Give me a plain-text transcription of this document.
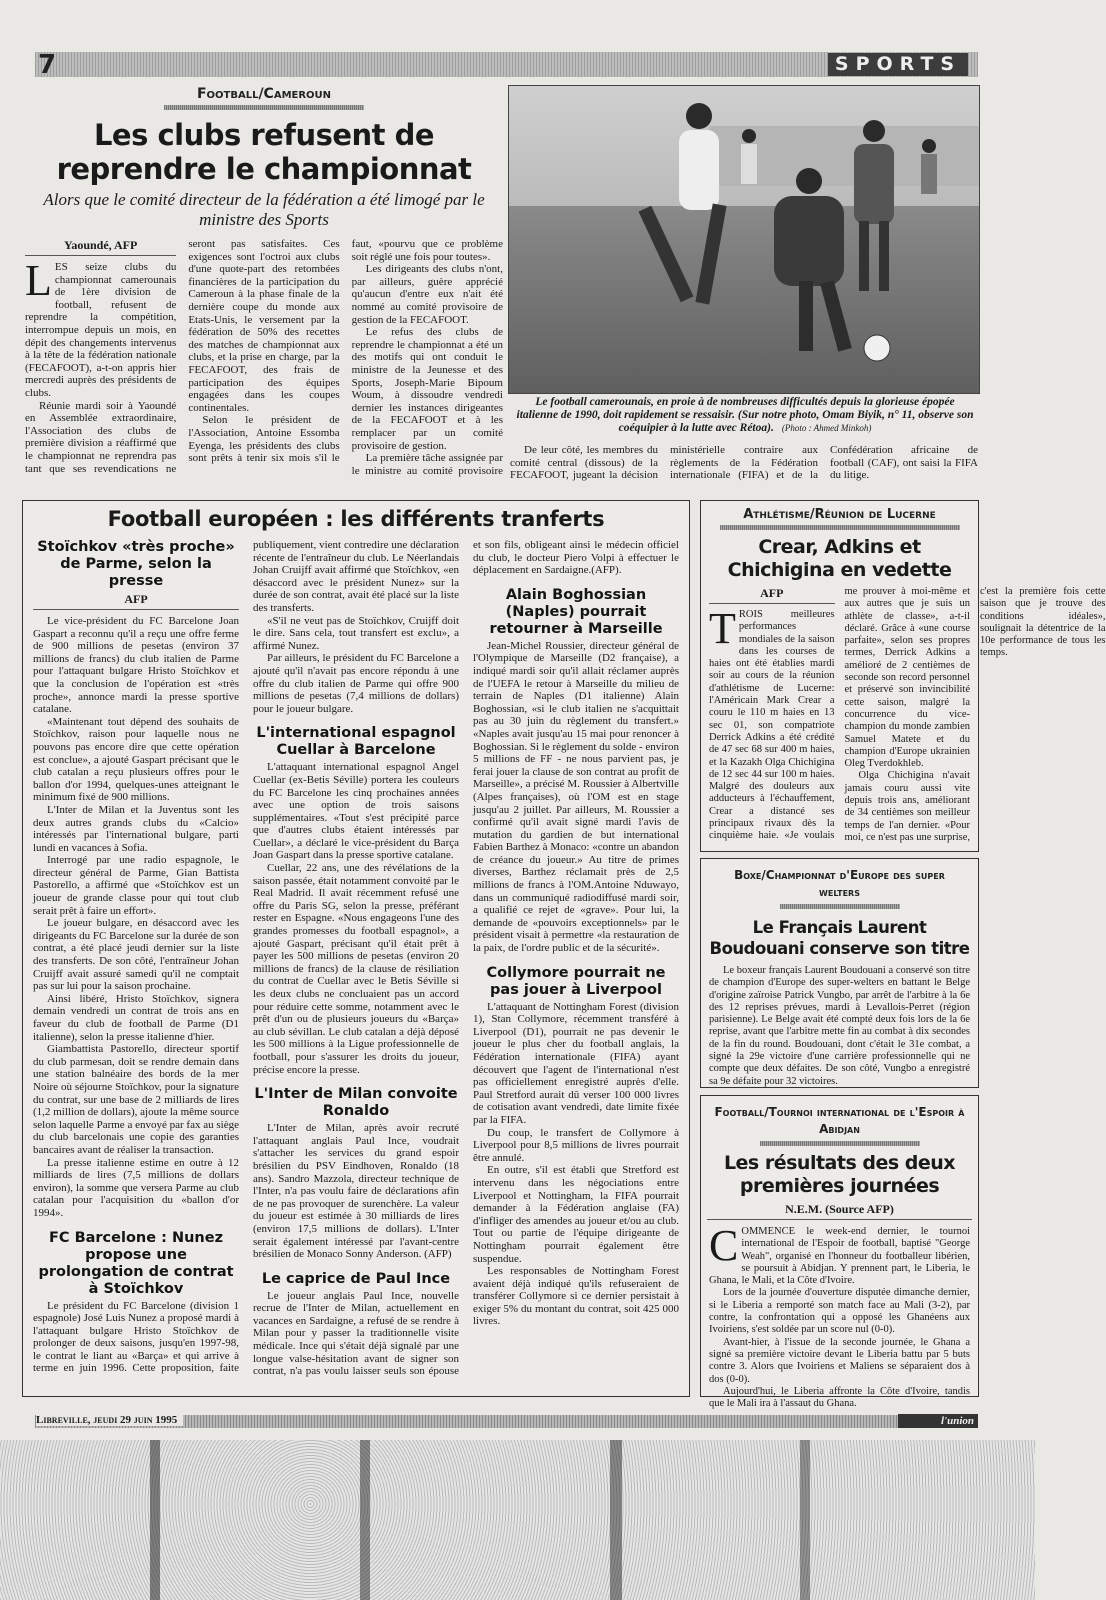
7	SPORTS
Football/Cameroun
Les clubs refusent de reprendre le championnat
Alors que le comité directeur de la fédération a été limogé par le ministre des Sports
Yaoundé, AFP

LES seize clubs du championnat camerounais de 1ère division de football, refusent de reprendre la compétition, interrompue depuis un mois, en dépit des changements intervenus à la tête de la fédération nationale (FECAFOOT), a-t-on appris hier mercredi auprès des présidents de clubs.

Réunie mardi soir à Yaoundé en Assemblée extraordinaire, l'Association des clubs de première division a réaffirmé que le championnat ne reprendra pas tant que ses revendications ne seront pas satisfaites. Ces exigences sont l'octroi aux clubs d'une quote-part des retombées financières de la participation du Cameroun à la phase finale de la dernière coupe du monde aux Etats-Unis, le versement par la fédération de 50% des recettes des matches de championnat aux clubs, et la prise en charge, par la FECAFOOT, des frais de participation des équipes engagées dans les coupes continentales.

Selon le président de l'Association, Antoine Essomba Eyenga, les présidents des clubs sont prêts à tenir six mois s'il le faut, «pourvu que ce problème soit réglé une fois pour toutes».

Les dirigeants des clubs n'ont, par ailleurs, guère apprécié qu'aucun d'entre eux n'ait été nommé au comité provisoire de gestion de la FECAFOOT.

Le refus des clubs de reprendre le championnat a été un des motifs qui ont conduit le ministre de la Jeunesse et des Sports, Joseph-Marie Bipoum Woum, à dissoudre vendredi dernier les instances dirigeantes de la FECAFOOT et à les remplacer par un comité provisoire de gestion.

La première tâche assignée par le ministre au comité provisoire

Le football camerounais, en proie à de nombreuses difficultés depuis la glorieuse épopée italienne de 1990, doit rapidement se ressaisir. (Sur notre photo, Omam Biyik, n° 11, observe son coéquipier à la lutte avec Rétoa). (Photo : Ahmed Minkoh)

De leur côté, les membres du comité central (dissous) de la FECAFOOT, jugeant la décision ministérielle contraire aux règlements de la Fédération internationale (FIFA) et de la Confédération africaine de football (CAF), ont saisi la FIFA du litige.

Football européen : les différents tranferts
Stoïchkov «très proche» de Parme, selon la presse
AFP

Le vice-président du FC Barcelone Joan Gaspart a reconnu qu'il a reçu une offre ferme de 900 millions de pesetas (environ 37 millions de francs) du club italien de Parme pour l'attaquant bulgare Hristo Stoïchkov et que la conclusion de l'opération est «très proche», annonce mardi la presse sportive catalane.

«Maintenant tout dépend des souhaits de Stoïchkov, raison pour laquelle nous ne pouvons pas encore dire que cette opération est conclue», a ajouté Gaspart précisant que le club catalan a reçu plusieurs offres pour le ballon d'or 1994, quelques-unes atteignant le minimum fixé de 900 millions.

L'Inter de Milan et la Juventus sont les deux autres grands clubs du «Calcio» intéressés par l'international bulgare, parti lundi en vacances à Sofia.

Interrogé par une radio espagnole, le directeur général de Parme, Gian Battista Pastorello, a affirmé que «Stoïchkov est un joueur de grande classe pour qui tout club serait prêt à faire un effort».

Le joueur bulgare, en désaccord avec les dirigeants du FC Barcelone sur la durée de son contrat, a été placé jeudi dernier sur la liste des transferts. De son côté, l'entraîneur Johan Cruijff avait assuré samedi qu'il ne comptait pas sur lui pour la saison prochaine.

Ainsi libéré, Hristo Stoïchkov, signera demain vendredi un contrat de trois ans en faveur du club de football de Parme (D1 italienne), selon la presse italienne d'hier.

Giambattista Pastorello, directeur sportif du club parmesan, doit se rendre demain dans une station balnéaire des bords de la mer Noire où séjourne Stoïchkov, pour la signature du contrat, sur une base de 2 milliards de lires (1,2 million de dollars), ajoute la même source selon laquelle Parme a envoyé par fax au siège du club barcelonais une copie des garanties bancaires avant de réaliser la transaction.

La presse italienne estime en outre à 12 milliards de lires (7,5 millions de dollars environ), la somme que versera Parme au club catalan pour l'acquisition du «ballon d'or 1994».

FC Barcelone : Nunez propose une prolongation de contrat à Stoïchkov

Le président du FC Barcelone (division 1 espagnole) José Luis Nunez a proposé mardi à l'attaquant bulgare Hristo Stoïchkov de prolonger de deux saisons, jusqu'en 1997-98, le contrat le liant au «Barça» et qui arrive à terme en juin 1996. Cette proposition, faite publiquement, vient contredire une déclaration récente de l'entraîneur du club. Le Néerlandais Johan Cruijff avait affirmé que Stoïchkov, «en désaccord avec le président Nunez» sur la durée de son contrat, avait été placé sur la liste des transferts.

«S'il ne veut pas de Stoïchkov, Cruijff doit le dire. Sans cela, tout transfert est exclu», a affirmé Nunez.

Par ailleurs, le président du FC Barcelone a ajouté qu'il n'avait pas encore répondu à une offre du club italien de Parme qui offre 900 millions de pesetas (7,4 millions de dollars) pour le joueur bulgare.

L'international espagnol Cuellar à Barcelone

L'attaquant international espagnol Angel Cuellar (ex-Betis Séville) portera les couleurs du FC Barcelone les cinq prochaines années avec une option de trois saisons supplémentaires. «Tout s'est précipité parce que d'autres clubs étaient intéressés par Cuellar», a déclaré le vice-président du Barça Joan Gaspart dans la presse sportive catalane.

Cuellar, 22 ans, une des révélations de la saison passée, était notamment convoité par le Real Madrid. Il avait récemment refusé une offre du Paris SG, selon la presse, préférant rester en Espagne. «Nous engageons l'une des grandes promesses du football espagnol», a ajouté Gaspart, précisant qu'il était prêt à payer les 500 millions de pesetas (environ 20 millions de francs) de la clause de résiliation du contrat de Cuellar avec le Betis Séville si les deux clubs ne concluaient pas un accord pour réduire cette somme, notamment avec le prêt d'un ou de plusieurs joueurs du «Barça» au club sévillan. Le club catalan a déjà déposé les 500 millions à la Ligue professionnelle de football, pour s'assurer les droits du joueur, précise encore la presse.

L'Inter de Milan convoite Ronaldo

L'Inter de Milan, après avoir recruté l'attaquant anglais Paul Ince, voudrait s'attacher les services du grand espoir brésilien du PSV Eindhoven, Ronaldo (18 ans). Sandro Mazzola, directeur technique de l'Inter, n'a pas voulu faire de déclarations afin de ne pas provoquer de surenchère. La valeur du joueur est estimée à 30 milliards de lires (environ 17,5 millions de dollars). L'Inter serait également intéressé par l'avant-centre brésilien de Monaco Sonny Anderson. (AFP)

Le caprice de Paul Ince

Le joueur anglais Paul Ince, nouvelle recrue de l'Inter de Milan, actuellement en vacances en Sardaigne, a refusé de se rendre à Milan pour y passer la traditionnelle visite médicale. Ince qui s'était déjà signalé par une longue valse-hésitation avant de signer son contrat, n'a pas voulu laisser seuls son épouse et son fils, obligeant ainsi le médecin officiel du club, le docteur Piero Volpi à effectuer le déplacement en Sardaigne.(AFP).

Alain Boghossian (Naples) pourrait retourner à Marseille

Jean-Michel Roussier, directeur général de l'Olympique de Marseille (D2 française), a indiqué mardi soir qu'il allait réclamer auprès de l'UEFA le retour à Marseille du milieu de terrain de Naples (D1 italienne) Alain Boghossian, «si le club italien ne s'acquittait pas au 30 juin du règlement du transfert.» «Naples avait jusqu'au 15 mai pour renoncer à Boghossian. Si le règlement du solde - environ 5 millions de FF - ne nous parvient pas, je ferai jouer la clause de son contrat au profit de Marseille», a précisé M. Roussier à Albertville (Alpes françaises), où l'OM est en stage jusqu'au 2 juillet. Par ailleurs, M. Roussier a confirmé qu'il avait signé mardi l'avis de mutation du gardien de but international Fabien Barthez à Monaco: «contre un abandon de créance du joueur.» Au titre de primes diverses, Barthez réclamait près de 2,5 millions de francs à l'OM.Antoine Nduwayo, dans un communiqué radiodiffusé mardi soir, a qualifié ce rejet de «grave». Pour lui, la demande de «pouvoirs exceptionnels» par le président visait à permettre «la restauration de la paix, de l'ordre public et de la sécurité».

Collymore pourrait ne pas jouer à Liverpool

L'attaquant de Nottingham Forest (division 1), Stan Collymore, récemment transféré à Liverpool (D1), pourrait ne pas devenir le joueur le plus cher du football anglais, la Fédération internationale (FIFA) ayant découvert que l'agent de l'international n'est pas officiellement enregistré auprès d'elle. Paul Stretford aurait dû verser 100 000 livres de cotisation avant vendredi, date limite fixée par la FIFA.

Du coup, le transfert de Collymore à Liverpool pour 8,5 millions de livres pourrait être annulé.

En outre, s'il est établi que Stretford est intervenu dans les négociations entre Liverpool et Nottingham, la FIFA pourrait demander à la Fédération anglaise (FA) d'infliger des amendes au joueur et/ou au club. Tout ou partie de l'équipe dirigeante de Nottingham pourrait également être suspendue.

Les responsables de Nottingham Forest avaient déjà indiqué qu'ils refuseraient de transférer Collymore si ce dernier persistait à exiger 5% du montant du contrat, soit 425 000 livres.

Athlétisme/Réunion de Lucerne
Crear, Adkins et Chichigina en vedette
AFP

TROIS meilleures performances mondiales de la saison dans les courses de haies ont été établies mardi soir au cours de la réunion d'athlétisme de Lucerne: l'Américain Mark Crear a couru le 110 m haies en 13 sec 01, son compatriote Derrick Adkins a été crédité de 47 sec 68 sur 400 m haies, et la Kazakh Olga Chichigina de 12 sec 44 sur 100 m haies. Malgré des douleurs aux adducteurs à l'échauffement, Crear a distancé ses principaux rivaux dès la cinquième haie. «Je voulais me prouver à moi-même et aux autres que je suis un athlète de classe», a-t-il déclaré. Grâce à «une course parfaite», selon ses propres termes, Derrick Adkins a amélioré de 2 centièmes de seconde son record personnel et préservé son invincibilité cette saison, malgré la concurrence du vice-champion du monde zambien Samuel Matete et du champion d'Europe ukrainien Oleg Tverdokhleb.

Olga Chichigina n'avait jamais couru aussi vite depuis trois ans, améliorant de 34 centièmes son meilleur temps de l'an dernier. «Pour moi, ce n'est pas une surprise, c'est la première fois cette saison que je trouve des conditions idéales», soulignait la détentrice de la 10e performance de tous les temps.

Boxe/Championnat d'Europe des super welters
Le Français Laurent Boudouani conserve son titre

Le boxeur français Laurent Boudouani a conservé son titre de champion d'Europe des super-welters en battant le Belge d'origine zaïroise Patrick Vungbo, par arrêt de l'arbitre à la 6e des 12 reprises prévues, mardi à Levallois-Perret (région parisienne). Le Belge avait été compté deux fois lors de la 6e reprise, avant que l'arbitre mette fin au combat à dix secondes de la fin du round. Boudouani, dont c'était le 31e combat, a signé la 29e victoire d'une carrière professionnelle qui ne compte que deux défaites. De son côté, Vungbo a enregistré sa 9e défaite pour 32 victoires.

Football/Tournoi international de l'Espoir à Abidjan
Les résultats des deux premières journées
N.E.M. (Source AFP)

COMMENCE le week-end dernier, le tournoi international de l'Espoir de football, baptisé "George Weah", organisé en l'honneur du footballeur libérien, se poursuit à Abidjan. Y prennent part, le Liberia, le Ghana, le Mali, et la Côte d'Ivoire.

Lors de la journée d'ouverture disputée dimanche dernier, si le Liberia a remporté son match face au Mali (3-2), par contre, la confrontation qui a opposé les Ghanéens aux Ivoiriens, s'est soldée par un score nul (0-0).

Avant-hier, à l'issue de la seconde journée, le Ghana a signé sa première victoire devant le Liberia battu par 5 buts contre 3. Alors que Ivoiriens et Maliens se séparaient dos à dos (0-0).

Aujourd'hui, le Liberia affronte la Côte d'Ivoire, tandis que le Mali ira à l'assaut du Ghana.

Libreville, jeudi 29 juin 1995	l'union
